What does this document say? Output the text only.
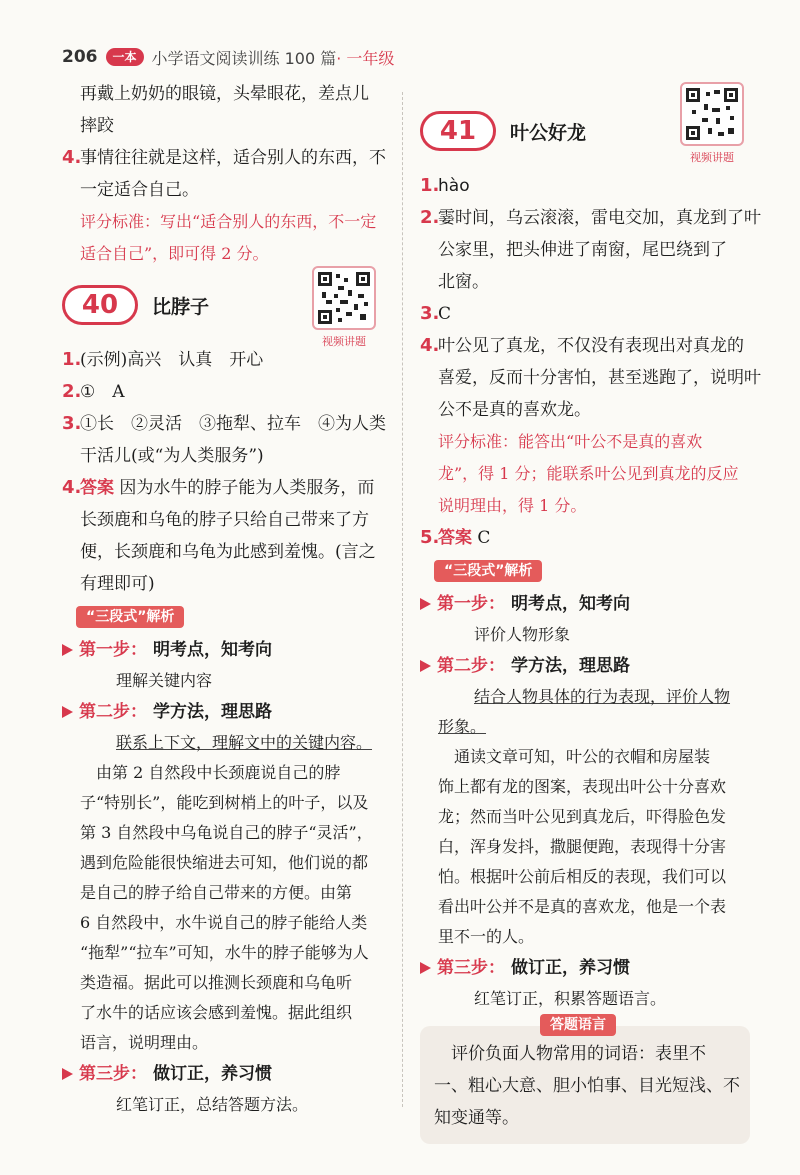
206	一本 小学语文阅读训练 100 篇· 一年级
再戴上奶奶的眼镜，头晕眼花，差点儿
摔跤
4.事情往往就是这样，适合别人的东西，不
一定适合自己。
评分标准：写出“适合别人的东西，不一定
适合自己”，即可得 2 分。
40	比脖子
视频讲题
1.(示例)高兴　认真　开心
2.①　A
3.①长　②灵活　③拖犁、拉车　④为人类
干活儿(或“为人类服务”)
4.答案 因为水牛的脖子能为人类服务，而
长颈鹿和乌龟的脖子只给自己带来了方
便，长颈鹿和乌龟为此感到羞愧。(言之
有理即可)
“三段式”解析
第一步： 明考点，知考向
理解关键内容
第二步： 学方法，理思路
联系上下文，理解文中的关键内容。
　由第 2 自然段中长颈鹿说自己的脖
子“特别长”，能吃到树梢上的叶子，以及
第 3 自然段中乌龟说自己的脖子“灵活”，
遇到危险能很快缩进去可知，他们说的都
是自己的脖子给自己带来的方便。由第
6 自然段中，水牛说自己的脖子能给人类
“拖犁”“拉车”可知，水牛的脖子能够为人
类造福。据此可以推测长颈鹿和乌龟听
了水牛的话应该会感到羞愧。据此组织
语言，说明理由。
第三步： 做订正，养习惯
红笔订正，总结答题方法。
41	叶公好龙
视频讲题
1.hào
2.霎时间，乌云滚滚，雷电交加，真龙到了叶
公家里，把头伸进了南窗，尾巴绕到了
北窗。
3.C
4.叶公见了真龙，不仅没有表现出对真龙的
喜爱，反而十分害怕，甚至逃跑了，说明叶
公不是真的喜欢龙。
评分标准：能答出“叶公不是真的喜欢
龙”，得 1 分；能联系叶公见到真龙的反应
说明理由，得 1 分。
5.答案 C
“三段式”解析
第一步： 明考点，知考向
评价人物形象
第二步： 学方法，理思路
结合人物具体的行为表现，评价人物
形象。
　通读文章可知，叶公的衣帽和房屋装
饰上都有龙的图案，表现出叶公十分喜欢
龙；然而当叶公见到真龙后，吓得脸色发
白，浑身发抖，撒腿便跑，表现得十分害
怕。根据叶公前后相反的表现，我们可以
看出叶公并不是真的喜欢龙，他是一个表
里不一的人。
第三步： 做订正，养习惯
红笔订正，积累答题语言。
答题语言
　评价负面人物常用的词语：表里不
一、粗心大意、胆小怕事、目光短浅、不
知变通等。
